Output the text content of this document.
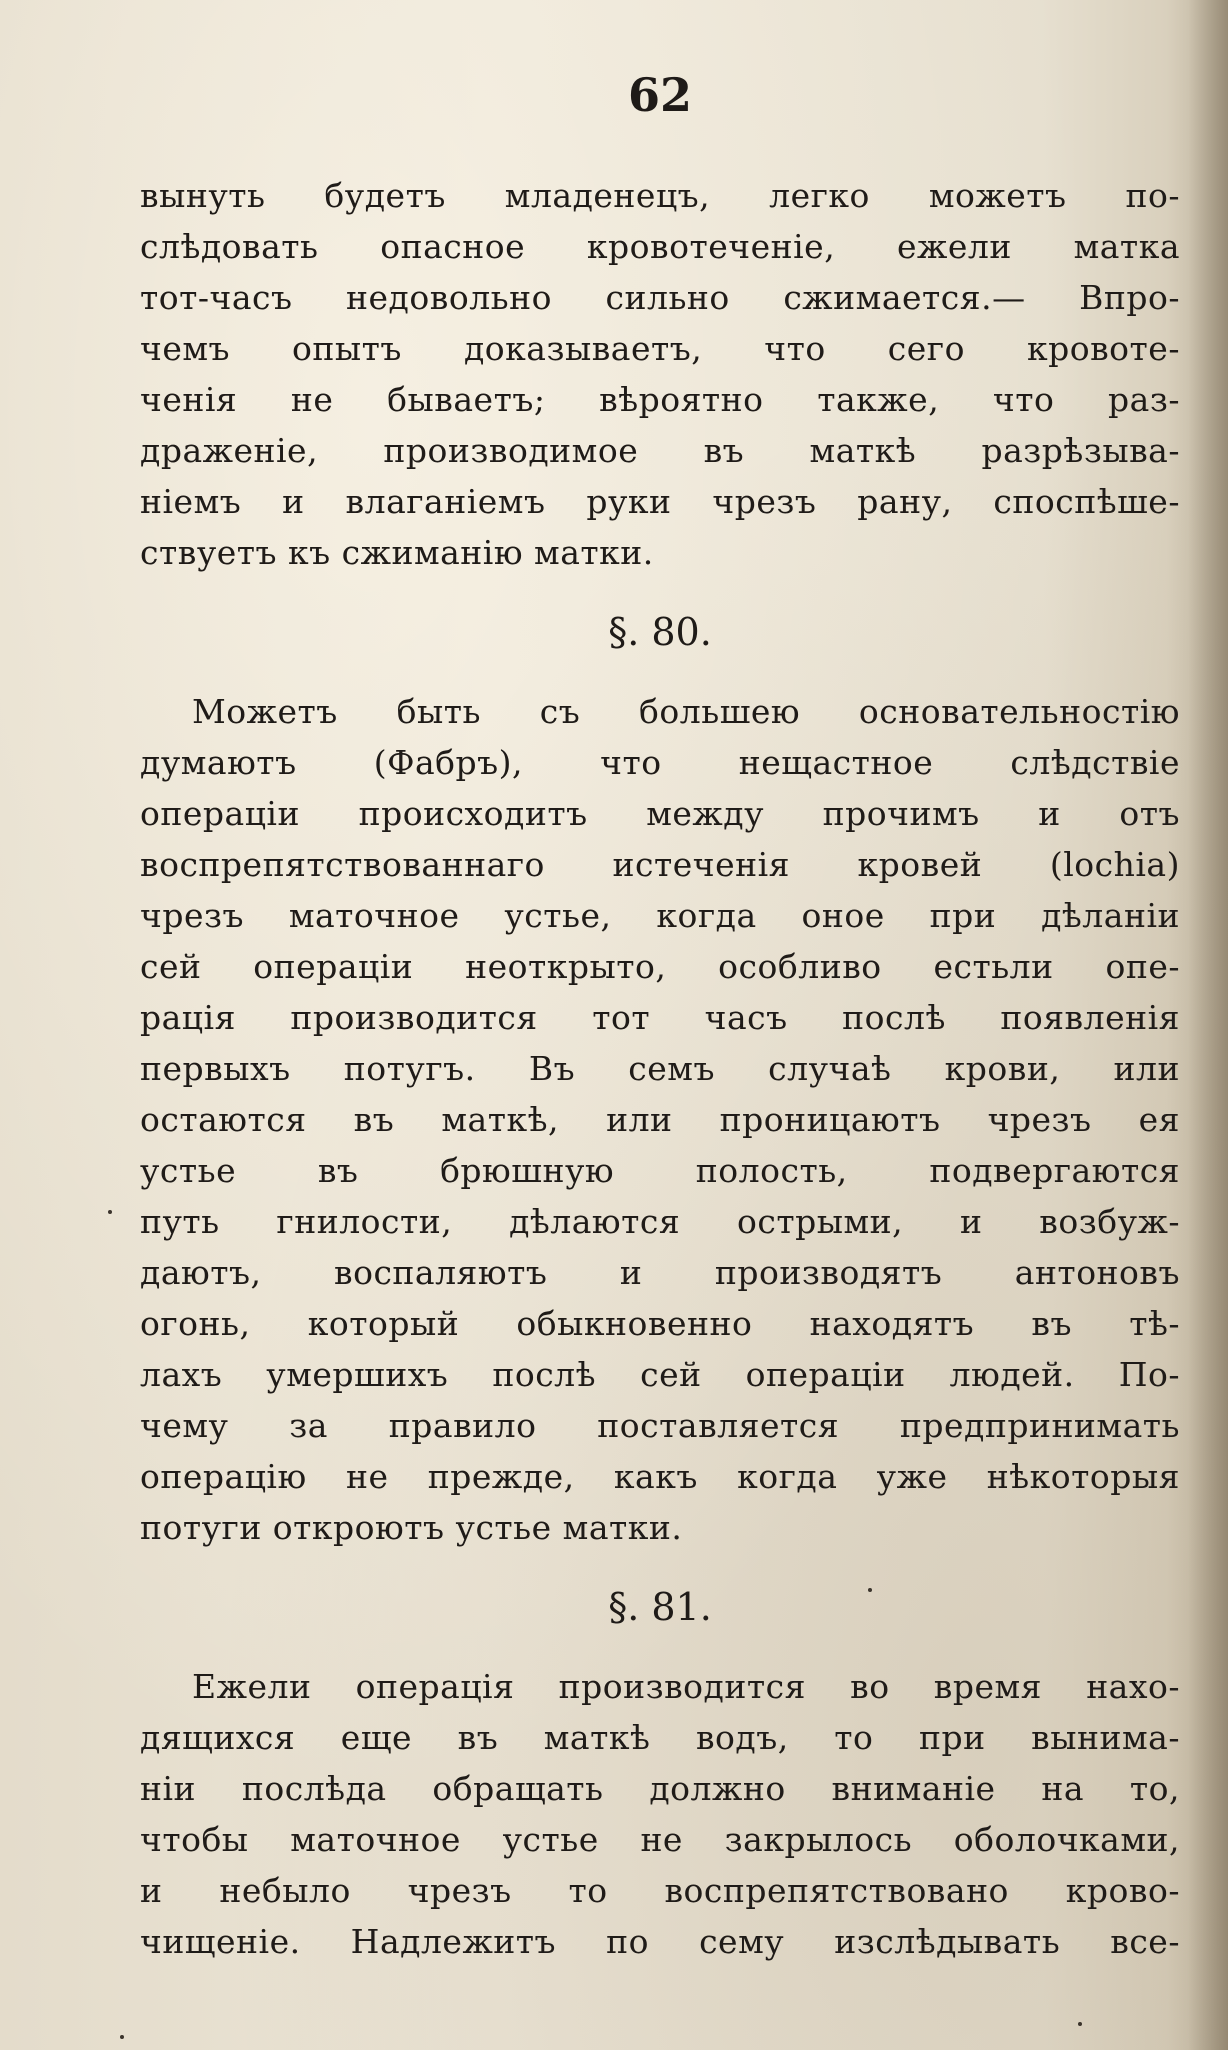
62
вынуть будетъ младенецъ, легко можетъ по-
слѣдовать опасное кровотеченіе, ежели матка
тот-часъ недовольно сильно сжимается.— Впро-
чемъ опытъ доказываетъ, что сего кровоте-
ченія не бываетъ; вѣроятно также, что раз-
драженіе, производимое въ маткѣ разрѣзыва-
ніемъ и влаганіемъ руки чрезъ рану, споспѣше-
ствуетъ къ сжиманію матки.
§. 80.
Можетъ быть съ большею основательностію
думаютъ (Фабръ), что нещастное слѣдствіе
операціи происходитъ между прочимъ и отъ
воспрепятствованнаго истеченія кровей (lochia)
чрезъ маточное устье, когда оное при дѣланіи
сей операціи неоткрыто, особливо естьли опе-
рація производится тот часъ послѣ появленія
первыхъ потугъ. Въ семъ случаѣ крови, или
остаются въ маткѣ, или проницаютъ чрезъ ея
устье въ брюшную полость, подвергаются
путь гнилости, дѣлаются острыми, и возбуж-
даютъ, воспаляютъ и производятъ антоновъ
огонь, который обыкновенно находятъ въ тѣ-
лахъ умершихъ послѣ сей операціи людей. По-
чему за правило поставляется предпринимать
операцію не прежде, какъ когда уже нѣкоторыя
потуги откроютъ устье матки.
§. 81.
Ежели операція производится во время нахо-
дящихся еще въ маткѣ водъ, то при вынима-
ніи послѣда обращать должно вниманіе на то,
чтобы маточное устье не закрылось оболочками,
и небыло чрезъ то воспрепятствовано крово-
чищеніе. Надлежитъ по сему изслѣдывать все-
